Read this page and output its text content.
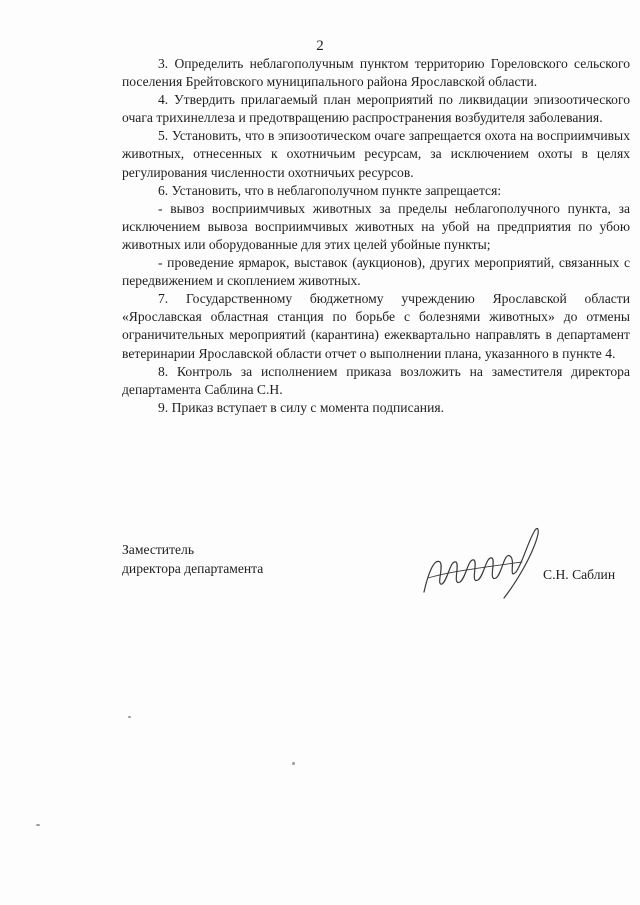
2

3. Определить неблагополучным пунктом территорию Гореловского сельского поселения Брейтовского муниципального района Ярославской области.

4. Утвердить прилагаемый план мероприятий по ликвидации эпизоотического очага трихинеллеза и предотвращению распространения возбудителя заболевания.

5. Установить, что в эпизоотическом очаге запрещается охота на восприимчивых животных, отнесенных к охотничьим ресурсам, за исключением охоты в целях регулирования численности охотничьих ресурсов.

6. Установить, что в неблагополучном пункте запрещается:

- вывоз восприимчивых животных за пределы неблагополучного пункта, за исключением вывоза восприимчивых животных на убой на предприятия по убою животных или оборудованные для этих целей убойные пункты;

- проведение ярмарок, выставок (аукционов), других мероприятий, связанных с передвижением и скоплением животных.

7. Государственному бюджетному учреждению Ярославской области «Ярославская областная станция по борьбе с болезнями животных» до отмены ограничительных мероприятий (карантина) ежеквартально направлять в департамент ветеринарии Ярославской области отчет о выполнении плана, указанного в пункте 4.

8. Контроль за исполнением приказа возложить на заместителя директора департамента Саблина С.Н.

9. Приказ вступает в силу с момента подписания.

Заместитель
директора департамента	С.Н. Саблин
